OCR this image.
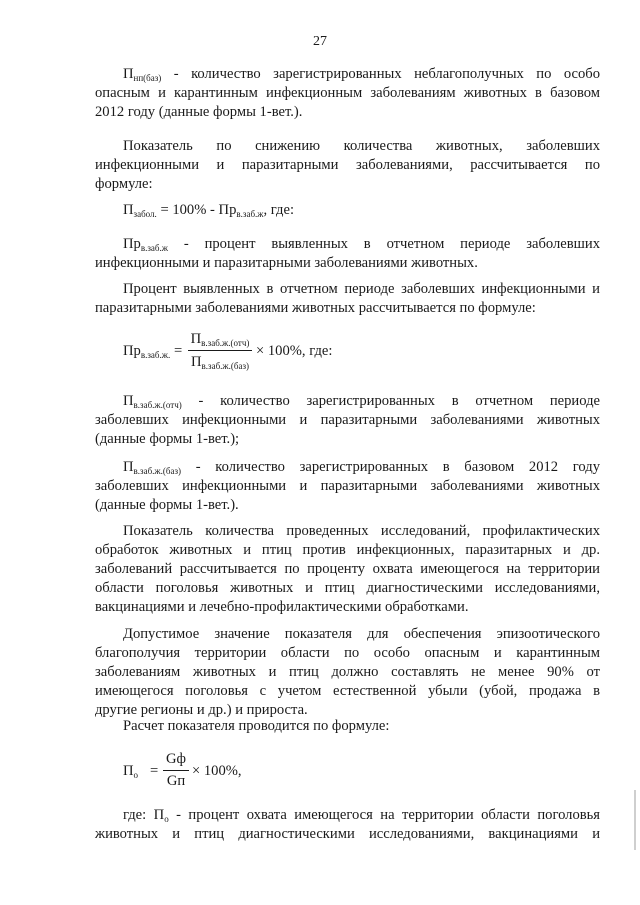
27
$П_{нп(баз)}$ - количество зарегистрированных неблагополучных по особо
опасным и карантинным инфекционным заболеваниям животных в базовом
2012 году (данные формы 1-вет.).
Показатель по снижению количества животных, заболевших
инфекционными и паразитарными заболеваниями, рассчитывается по
формуле:
$П_{забол.} = 100\% - Пр_{в.заб.ж}$, где:
$Пр_{в.заб.ж}$ - процент выявленных в отчетном периоде заболевших
инфекционными и паразитарными заболеваниями животных.
Процент выявленных в отчетном периоде заболевших инфекционными и
паразитарными заболеваниями животных рассчитывается по формуле:
$Пр_{в.заб.ж.}$ =
$П_{в.заб.ж.(отч)}$
$П_{в.заб.ж.(баз)}$
× 100%, где:
$П_{в.заб.ж.(отч)}$ - количество зарегистрированных в отчетном периоде
заболевших инфекционными и паразитарными заболеваниями животных
(данные формы 1-вет.);
$П_{в.заб.ж.(баз)}$ - количество зарегистрированных в базовом 2012 году
заболевших инфекционными и паразитарными заболеваниями животных
(данные формы 1-вет.).
Показатель количества проведенных исследований, профилактических
обработок животных и птиц против инфекционных, паразитарных и др.
заболеваний рассчитывается по проценту охвата имеющегося на территории
области поголовья животных и птиц диагностическими исследованиями,
вакцинациями и лечебно-профилактическими обработками.
Допустимое значение показателя для обеспечения эпизоотического
благополучия территории области по особо опасным и карантинным
заболеваниям животных и птиц должно составлять не менее 90% от
имеющегося поголовья с учетом естественной убыли (убой, продажа в
другие регионы и др.) и прироста.
Расчет показателя проводится по формуле:
$П_о$ =
Gф
Gп
× 100%,
где: $П_о$ - процент охвата имеющегося на территории области поголовья
животных и птиц диагностическими исследованиями, вакцинациями и
